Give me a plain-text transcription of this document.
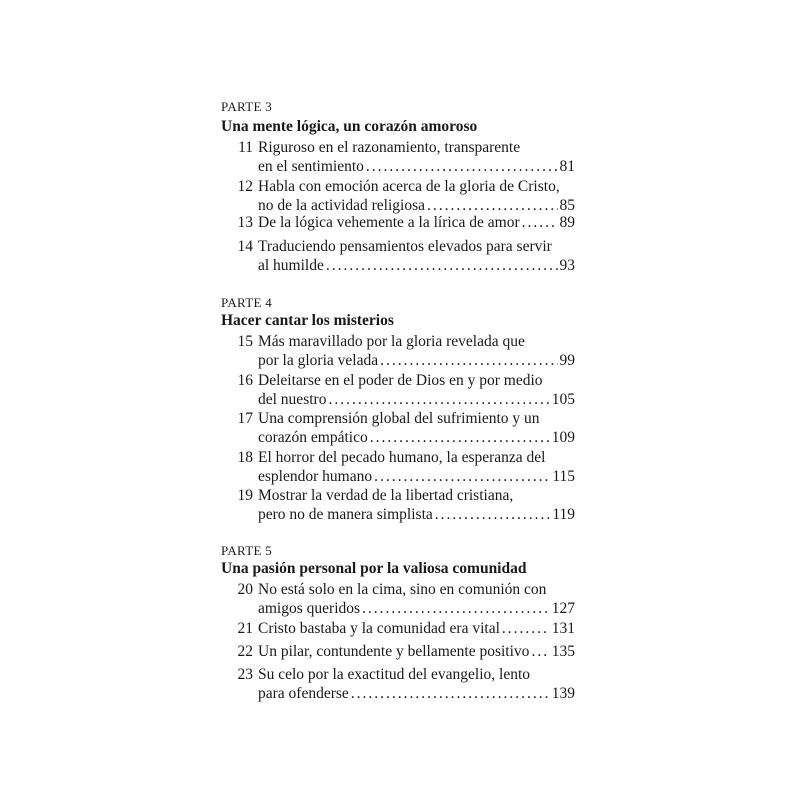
PARTE 3
Una mente lógica, un corazón amoroso
11 Riguroso en el razonamiento, transparente
en el sentimiento .....	81
12 Habla con emoción acerca de la gloria de Cristo,
no de la actividad religiosa .....	85
13 De la lógica vehemente a la lírica de amor .....	89
14 Traduciendo pensamientos elevados para servir
al humilde .....	93
PARTE 4
Hacer cantar los misterios
15 Más maravillado por la gloria revelada que
por la gloria velada .....	99
16 Deleitarse en el poder de Dios en y por medio
del nuestro .....	105
17 Una comprensión global del sufrimiento y un
corazón empático .....	109
18 El horror del pecado humano, la esperanza del
esplendor humano .....	115
19 Mostrar la verdad de la libertad cristiana,
pero no de manera simplista .....	119
PARTE 5
Una pasión personal por la valiosa comunidad
20 No está solo en la cima, sino en comunión con
amigos queridos .....	127
21 Cristo bastaba y la comunidad era vital .....	131
22 Un pilar, contundente y bellamente positivo ..... 135
23 Su celo por la exactitud del evangelio, lento
para ofenderse .....	139
